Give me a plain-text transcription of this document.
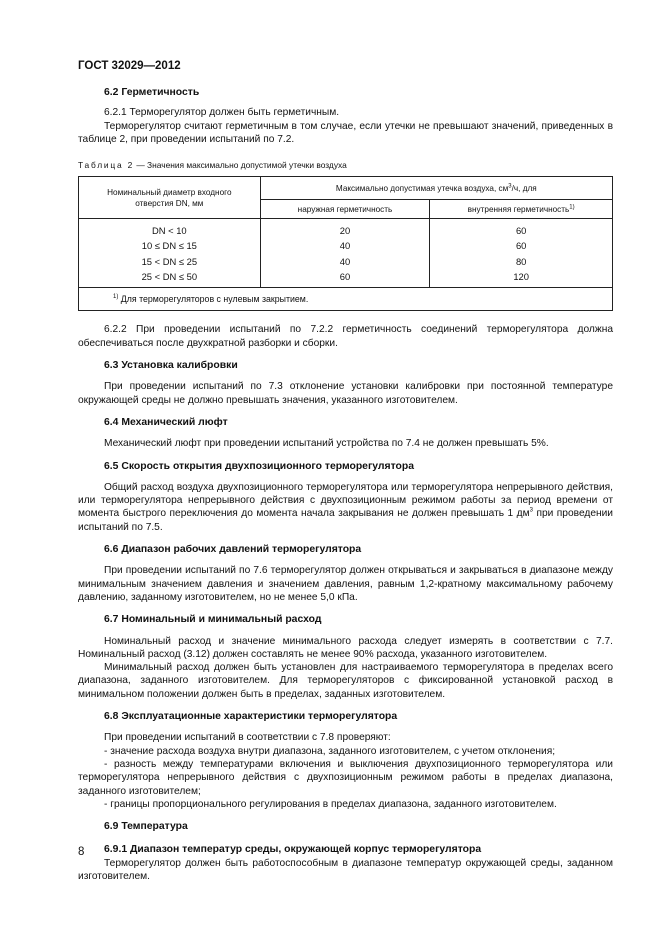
ГОСТ 32029—2012
6.2 Герметичность

6.2.1 Терморегулятор должен быть герметичным.

Терморегулятор считают герметичным в том случае, если утечки не превышают значений, приведенных в таблице 2, при проведении испытаний по 7.2.

Таблица 2 — Значения максимально допустимой утечки воздуха

Номинальный диаметр входного
отверстия DN, мм	Максимально допустимая утечка воздуха, $см^3/ч$, для	
	наружная герметичность	внутренняя герметичность$^{1)}$
DN < 10	20	60
10 ≤ DN ≤ 15	40	60
15 < DN ≤ 25	40	80
25 < DN ≤ 50	60	120
$^{1)}$ Для терморегуляторов с нулевым закрытием.		

6.2.2 При проведении испытаний по 7.2.2 герметичность соединений терморегулятора должна обеспечиваться после двухкратной разборки и сборки.

6.3 Установка калибровки

При проведении испытаний по 7.3 отклонение установки калибровки при постоянной температуре окружающей среды не должно превышать значения, указанного изготовителем.

6.4 Механический люфт

Механический люфт при проведении испытаний устройства по 7.4 не должен превышать 5%.

6.5 Скорость открытия двухпозиционного терморегулятора

Общий расход воздуха двухпозиционного терморегулятора или терморегулятора непрерывного действия, или терморегулятора непрерывного действия с двухпозиционным режимом работы за период времени от момента быстрого переключения до момента начала закрывания не должен превышать 1 $дм^3$ при проведении испытаний по 7.5.

6.6 Диапазон рабочих давлений терморегулятора

При проведении испытаний по 7.6 терморегулятор должен открываться и закрываться в диапазоне между минимальным значением давления и значением давления, равным 1,2-кратному максимальному рабочему давлению, заданному изготовителем, но не менее 5,0 кПа.

6.7 Номинальный и минимальный расход

Номинальный расход и значение минимального расхода следует измерять в соответствии с 7.7. Номинальный расход (3.12) должен составлять не менее 90% расхода, указанного изготовителем.

Минимальный расход должен быть установлен для настраиваемого терморегулятора в пределах всего диапазона, заданного изготовителем. Для терморегуляторов с фиксированной установкой расход в минимальном положении должен быть в пределах, заданных изготовителем.

6.8 Эксплуатационные характеристики терморегулятора

При проведении испытаний в соответствии с 7.8 проверяют:

- значение расхода воздуха внутри диапазона, заданного изготовителем, с учетом отклонения;

- разность между температурами включения и выключения двухпозиционного терморегулятора или терморегулятора непрерывного действия с двухпозиционным режимом работы в пределах диапазона, заданного изготовителем;

- границы пропорционального регулирования в пределах диапазона, заданного изготовителем.

6.9 Температура
6.9.1 Диапазон температур среды, окружающей корпус терморегулятора

Терморегулятор должен быть работоспособным в диапазоне температур окружающей среды, заданном изготовителем.

8
